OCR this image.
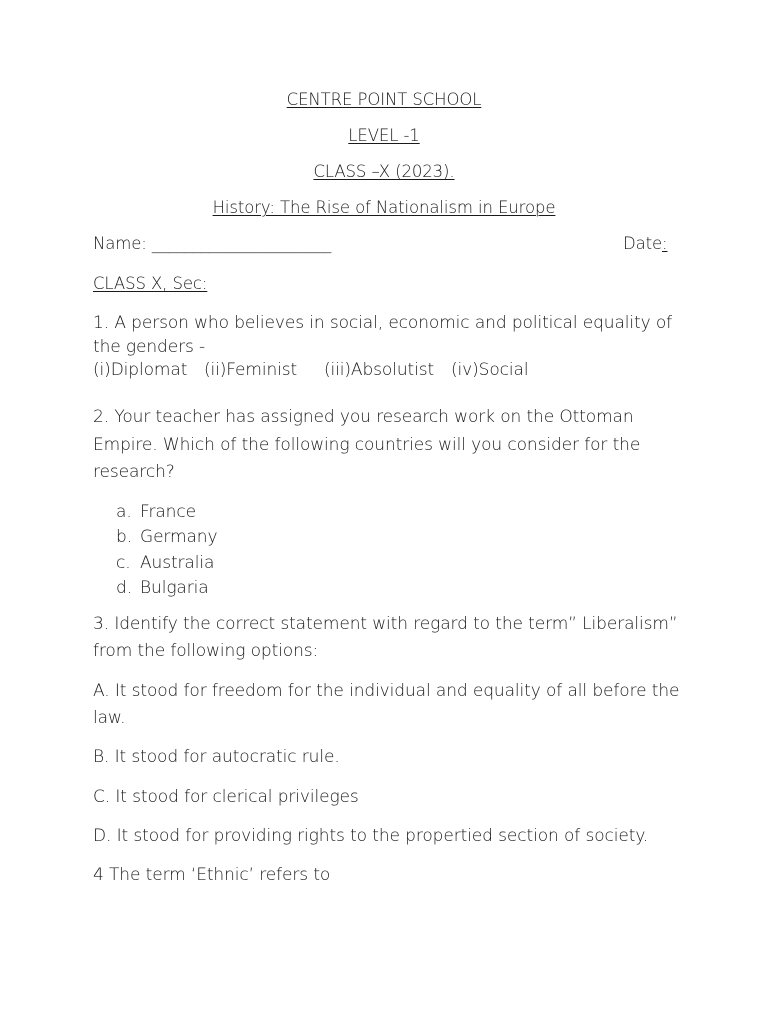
CENTRE POINT SCHOOL
LEVEL -1
CLASS –X (2023).
History: The Rise of Nationalism in Europe
Name: ______________________	Date:
CLASS X, Sec:
1. A person who believes in social, economic and political equality of
the genders -
(i)Diplomat (ii)Feminist (iii)Absolutist (iv)Social
2. Your teacher has assigned you research work on the Ottoman
Empire. Which of the following countries will you consider for the
research?
a. France
b. Germany
c. Australia
d. Bulgaria
3. Identify the correct statement with regard to the term” Liberalism”
from the following options:
A. It stood for freedom for the individual and equality of all before the
law.
B. It stood for autocratic rule.
C. It stood for clerical privileges
D. It stood for providing rights to the propertied section of society.
4 The term ‘Ethnic’ refers to
